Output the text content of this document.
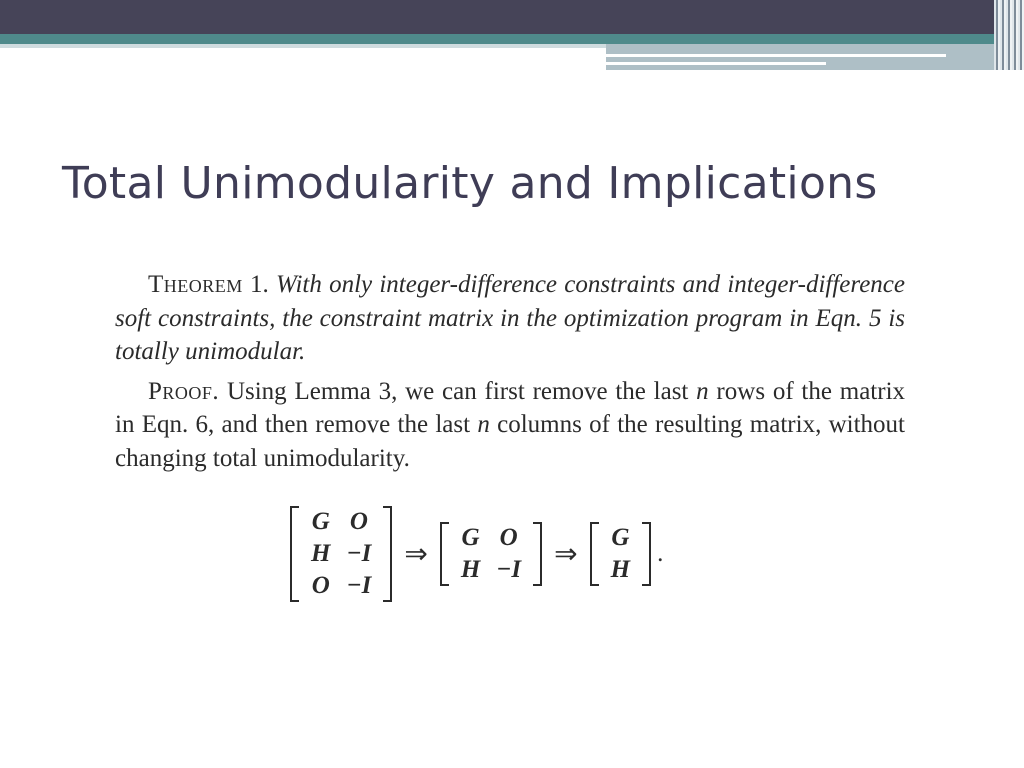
Total Unimodularity and Implications

Theorem 1. With only integer-difference constraints and integer-difference soft constraints, the constraint matrix in the optimization program in Eqn. 5 is totally unimodular.

Proof. Using Lemma 3, we can first remove the last n rows of the matrix in Eqn. 6, and then remove the last n columns of the resulting matrix, without changing total unimodularity.

G	O
H	−I
O	−I
⇒
G	O
H	−I ⇒
G
H
.
